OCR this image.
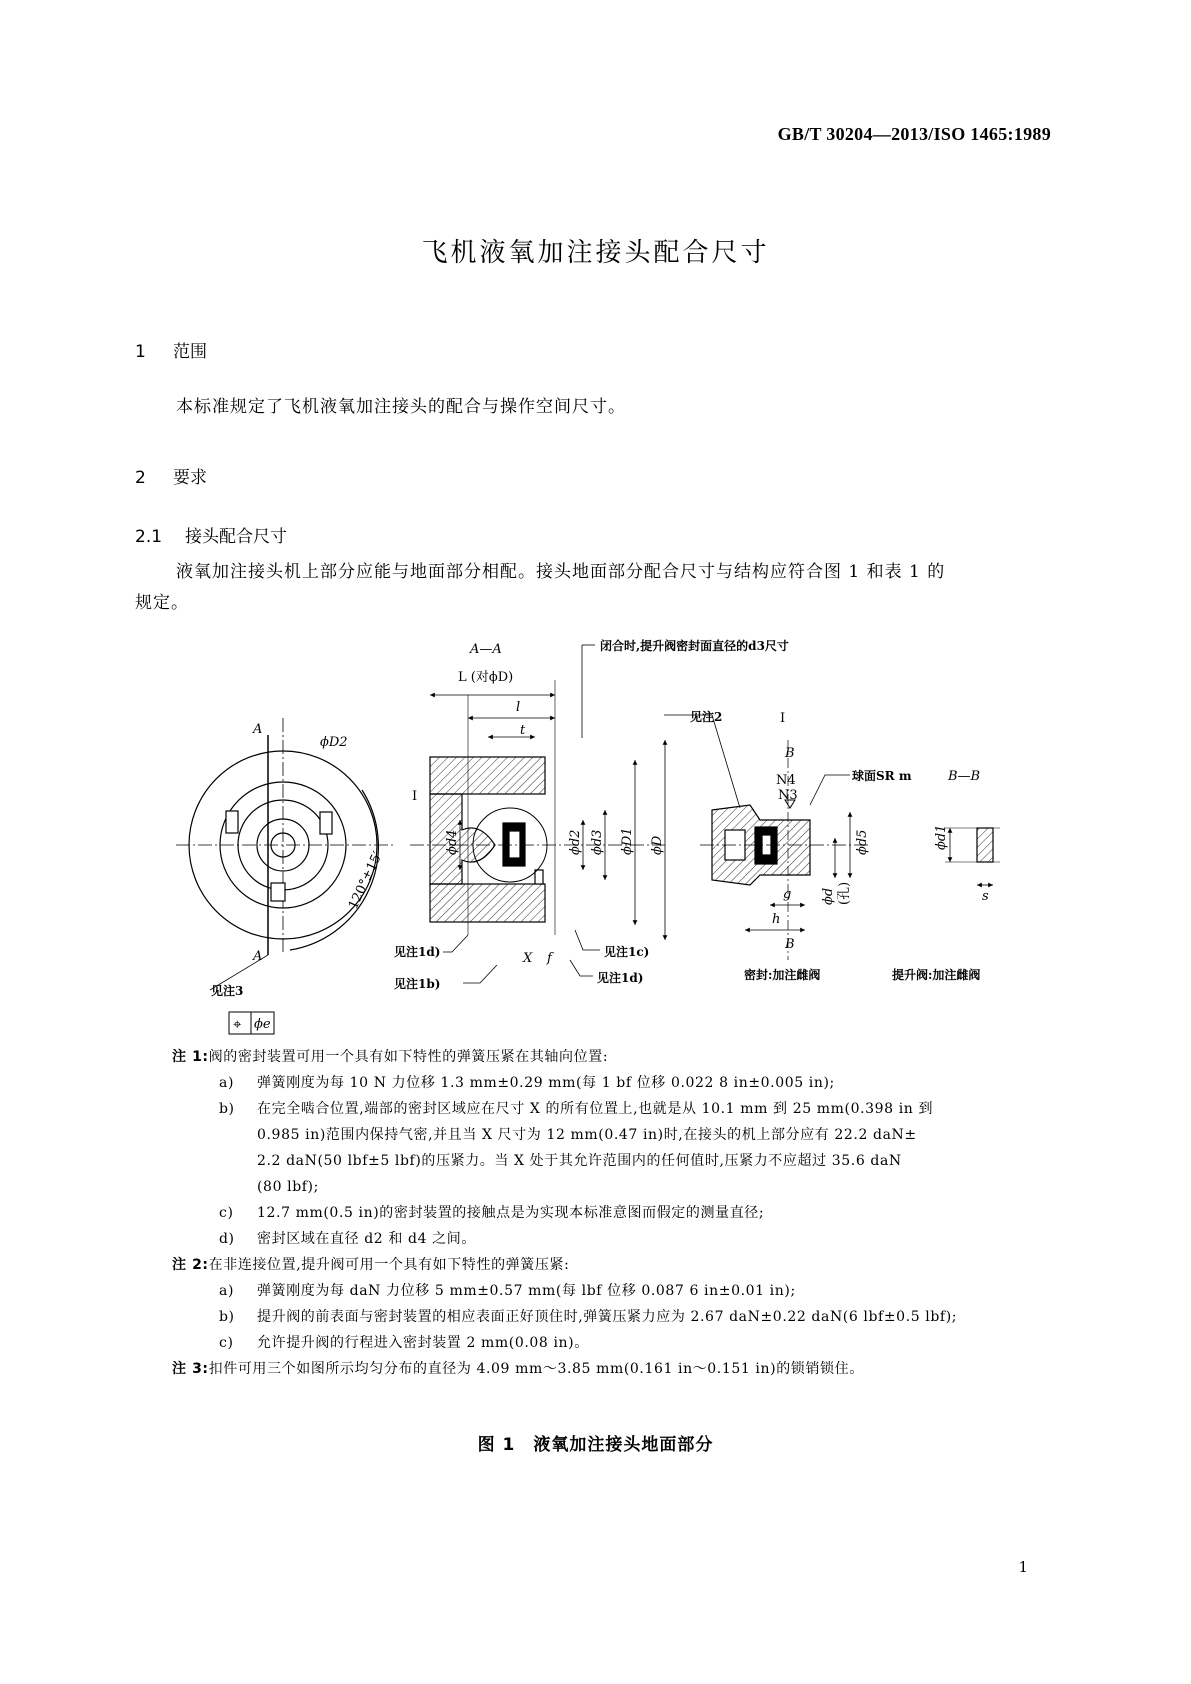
GB/T 30204—2013/ISO 1465:1989
飞机液氧加注接头配合尺寸
1 范围
本标准规定了飞机液氧加注接头的配合与操作空间尺寸。
2 要求
2.1 接头配合尺寸
液氧加注接头机上部分应能与地面部分相配。接头地面部分配合尺寸与结构应符合图 1 和表 1 的
规定。
A—A
L (对ϕD)
l
t
闭合时,提升阀密封面直径的d3尺寸
Ⅰ
见注2
B
N4
N3
球面SR m	B—B
A
A
ϕD2
120°±15′
Ⅰ
ϕd4	ϕd2 ϕd3 ϕD1 ϕD	ϕd5
ϕd (孔)
ϕd1
g
h
s
X f
见注1d)	见注1c)
见注1b)	见注1d)
B
密封:加注雌阀	提升阀:加注雌阀
见注3
⌖ ϕe
注 1:阀的密封装置可用一个具有如下特性的弹簧压紧在其轴向位置:
a) 弹簧刚度为每 10 N 力位移 1.3 mm±0.29 mm(每 1 bf 位移 0.022 8 in±0.005 in);
b) 在完全啮合位置,端部的密封区域应在尺寸 X 的所有位置上,也就是从 10.1 mm 到 25 mm(0.398 in 到
0.985 in)范围内保持气密,并且当 X 尺寸为 12 mm(0.47 in)时,在接头的机上部分应有 22.2 daN±
2.2 daN(50 lbf±5 lbf)的压紧力。当 X 处于其允许范围内的任何值时,压紧力不应超过 35.6 daN
(80 lbf);
c) 12.7 mm(0.5 in)的密封装置的接触点是为实现本标准意图而假定的测量直径;
d) 密封区域在直径 d2 和 d4 之间。
注 2:在非连接位置,提升阀可用一个具有如下特性的弹簧压紧:
a) 弹簧刚度为每 daN 力位移 5 mm±0.57 mm(每 lbf 位移 0.087 6 in±0.01 in);
b) 提升阀的前表面与密封装置的相应表面正好顶住时,弹簧压紧力应为 2.67 daN±0.22 daN(6 lbf±0.5 lbf);
c) 允许提升阀的行程进入密封装置 2 mm(0.08 in)。
注 3:扣件可用三个如图所示均匀分布的直径为 4.09 mm～3.85 mm(0.161 in～0.151 in)的锁销锁住。
图 1　液氧加注接头地面部分
1
